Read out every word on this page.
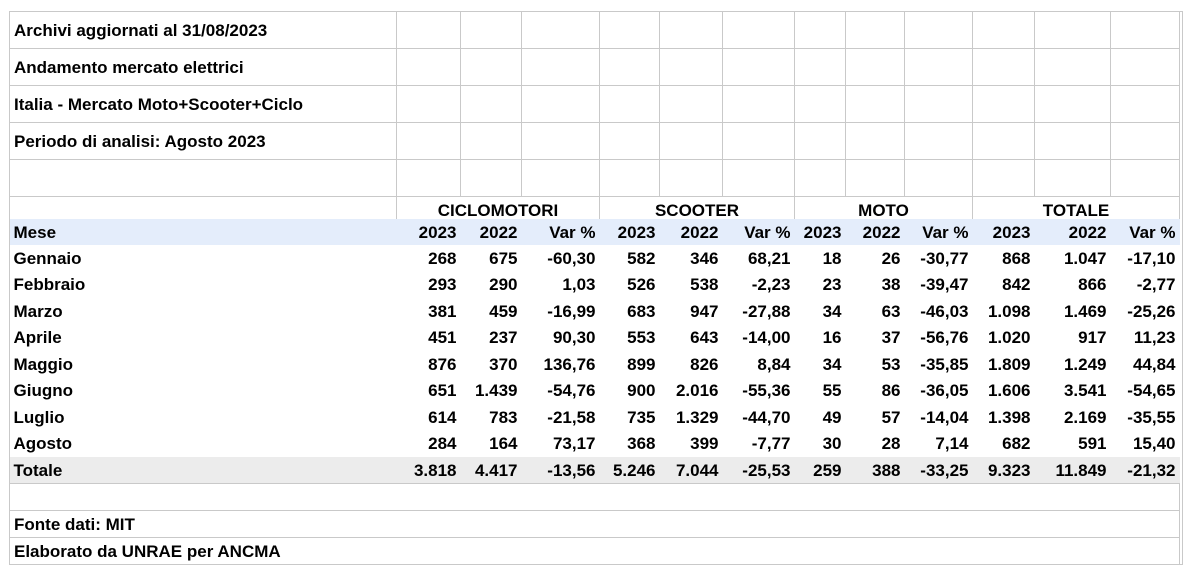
Archivi aggiornati al 31/08/2023												
Andamento mercato elettrici												
Italia - Mercato Moto+Scooter+Ciclo												
Periodo di analisi: Agosto 2023												

	CICLOMOTORI			SCOOTER			MOTO			TOTALE		
Mese	2023	2022	Var %	2023	2022	Var %	2023	2022	Var %	2023	2022	Var %
Gennaio	268	675	-60,30	582	346	68,21	18	26	-30,77	868	1.047	-17,10
Febbraio	293	290	1,03	526	538	-2,23	23	38	-39,47	842	866	-2,77
Marzo	381	459	-16,99	683	947	-27,88	34	63	-46,03	1.098	1.469	-25,26
Aprile	451	237	90,30	553	643	-14,00	16	37	-56,76	1.020	917	11,23
Maggio	876	370	136,76	899	826	8,84	34	53	-35,85	1.809	1.249	44,84
Giugno	651	1.439	-54,76	900	2.016	-55,36	55	86	-36,05	1.606	3.541	-54,65
Luglio	614	783	-21,58	735	1.329	-44,70	49	57	-14,04	1.398	2.169	-35,55
Agosto	284	164	73,17	368	399	-7,77	30	28	7,14	682	591	15,40
Totale	3.818	4.417	-13,56	5.246	7.044	-25,53	259	388	-33,25	9.323	11.849	-21,32

Fonte dati: MIT												
Elaborato da UNRAE per ANCMA												
